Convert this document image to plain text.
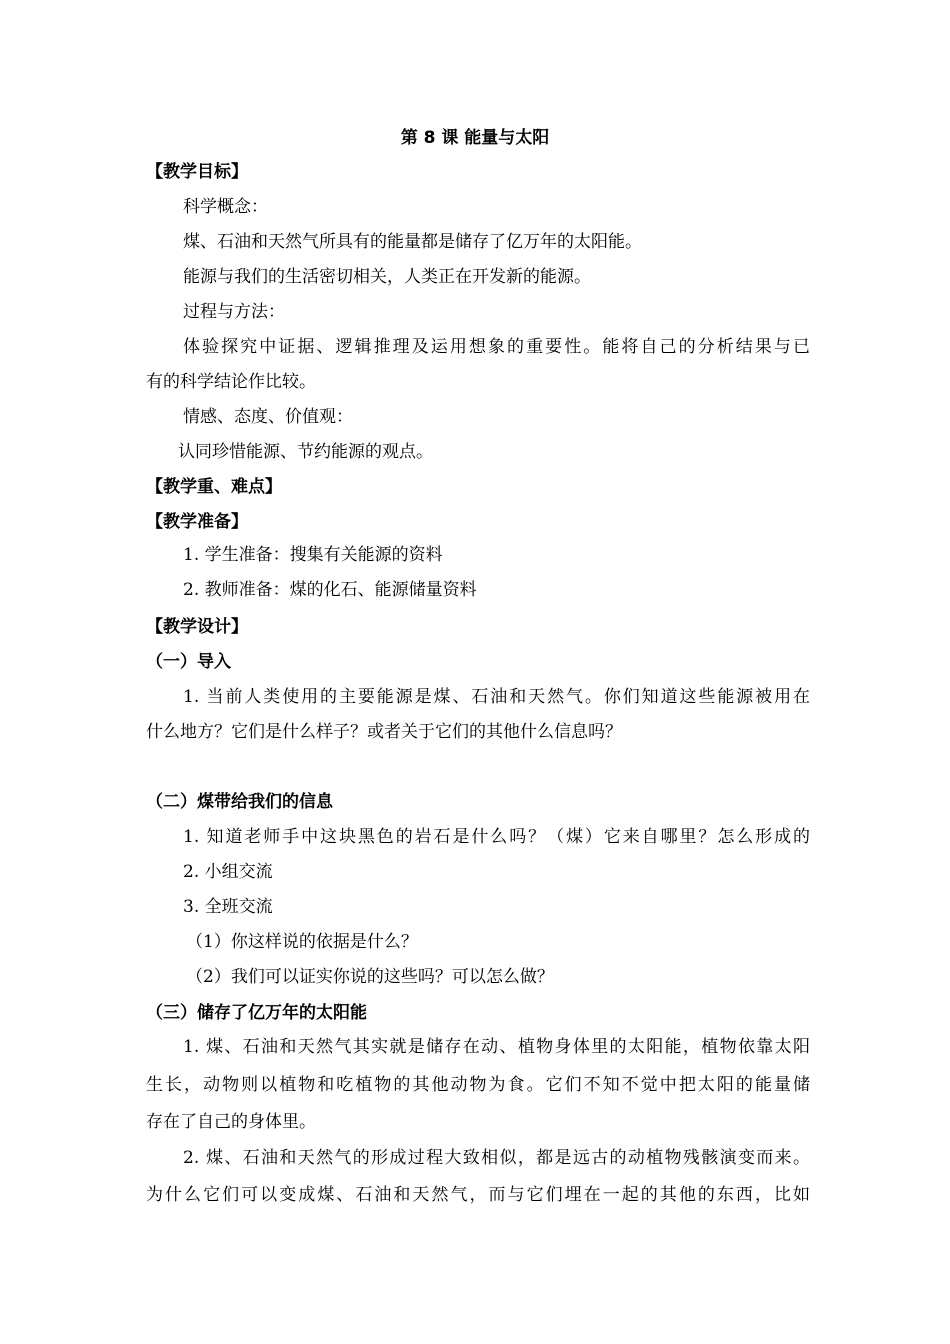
第 8 课 能量与太阳

【教学目标】

科学概念：

煤、石油和天然气所具有的能量都是储存了亿万年的太阳能。

能源与我们的生活密切相关，人类正在开发新的能源。

过程与方法：

体验探究中证据、逻辑推理及运用想象的重要性。能将自己的分析结果与已

有的科学结论作比较。

情感、态度、价值观：

认同珍惜能源、节约能源的观点。

【教学重、难点】

【教学准备】

1. 学生准备：搜集有关能源的资料

2. 教师准备：煤的化石、能源储量资料

【教学设计】

（一）导入

1. 当前人类使用的主要能源是煤、石油和天然气。你们知道这些能源被用在

什么地方？它们是什么样子？或者关于它们的其他什么信息吗？

（二）煤带给我们的信息

1. 知道老师手中这块黑色的岩石是什么吗？（煤）它来自哪里？怎么形成的

2. 小组交流

3. 全班交流

（1）你这样说的依据是什么？

（2）我们可以证实你说的这些吗？可以怎么做？

（三）储存了亿万年的太阳能

1. 煤、石油和天然气其实就是储存在动、植物身体里的太阳能，植物依靠太阳

生长，动物则以植物和吃植物的其他动物为食。它们不知不觉中把太阳的能量储

存在了自己的身体里。

2. 煤、石油和天然气的形成过程大致相似，都是远古的动植物残骸演变而来。

为什么它们可以变成煤、石油和天然气，而与它们埋在一起的其他的东西，比如
